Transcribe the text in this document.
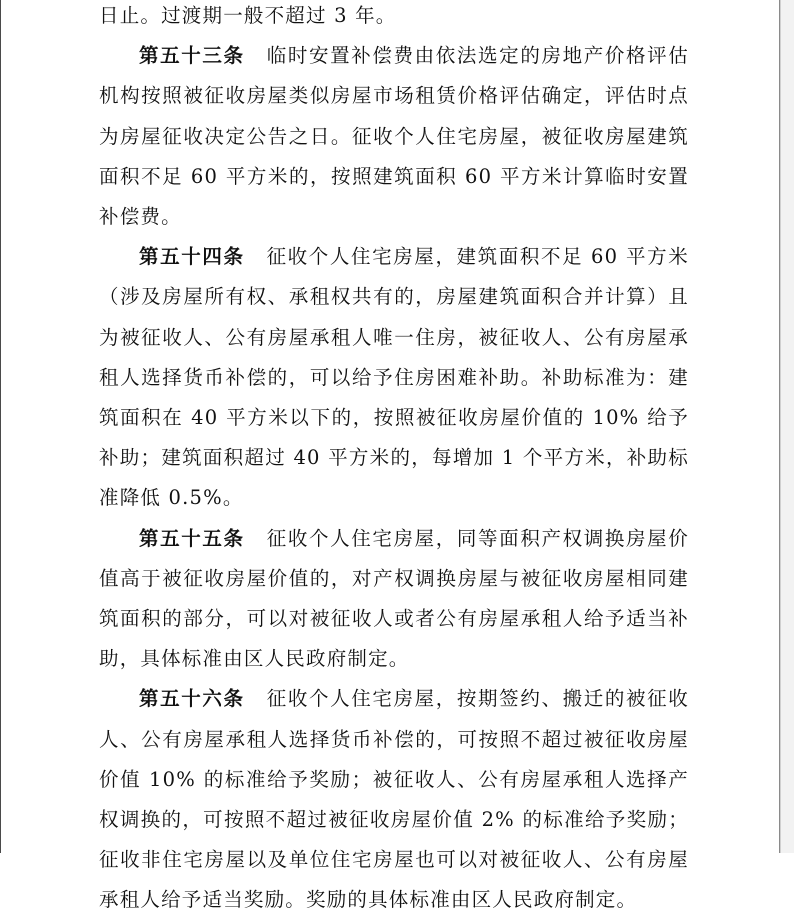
日止。过渡期一般不超过 3 年。

第五十三条 临时安置补偿费由依法选定的房地产价格评估机构按照被征收房屋类似房屋市场租赁价格评估确定，评估时点为房屋征收决定公告之日。征收个人住宅房屋，被征收房屋建筑面积不足 60 平方米的，按照建筑面积 60 平方米计算临时安置补偿费。

第五十四条 征收个人住宅房屋，建筑面积不足 60 平方米（涉及房屋所有权、承租权共有的，房屋建筑面积合并计算）且为被征收人、公有房屋承租人唯一住房，被征收人、公有房屋承租人选择货币补偿的，可以给予住房困难补助。补助标准为：建筑面积在 40 平方米以下的，按照被征收房屋价值的 10% 给予补助；建筑面积超过 40 平方米的，每增加 1 个平方米，补助标准降低 0.5%。

第五十五条 征收个人住宅房屋，同等面积产权调换房屋价值高于被征收房屋价值的，对产权调换房屋与被征收房屋相同建筑面积的部分，可以对被征收人或者公有房屋承租人给予适当补助，具体标准由区人民政府制定。

第五十六条 征收个人住宅房屋，按期签约、搬迁的被征收人、公有房屋承租人选择货币补偿的，可按照不超过被征收房屋价值 10% 的标准给予奖励；被征收人、公有房屋承租人选择产权调换的，可按照不超过被征收房屋价值 2% 的标准给予奖励；征收非住宅房屋以及单位住宅房屋也可以对被征收人、公有房屋承租人给予适当奖励。奖励的具体标准由区人民政府制定。
